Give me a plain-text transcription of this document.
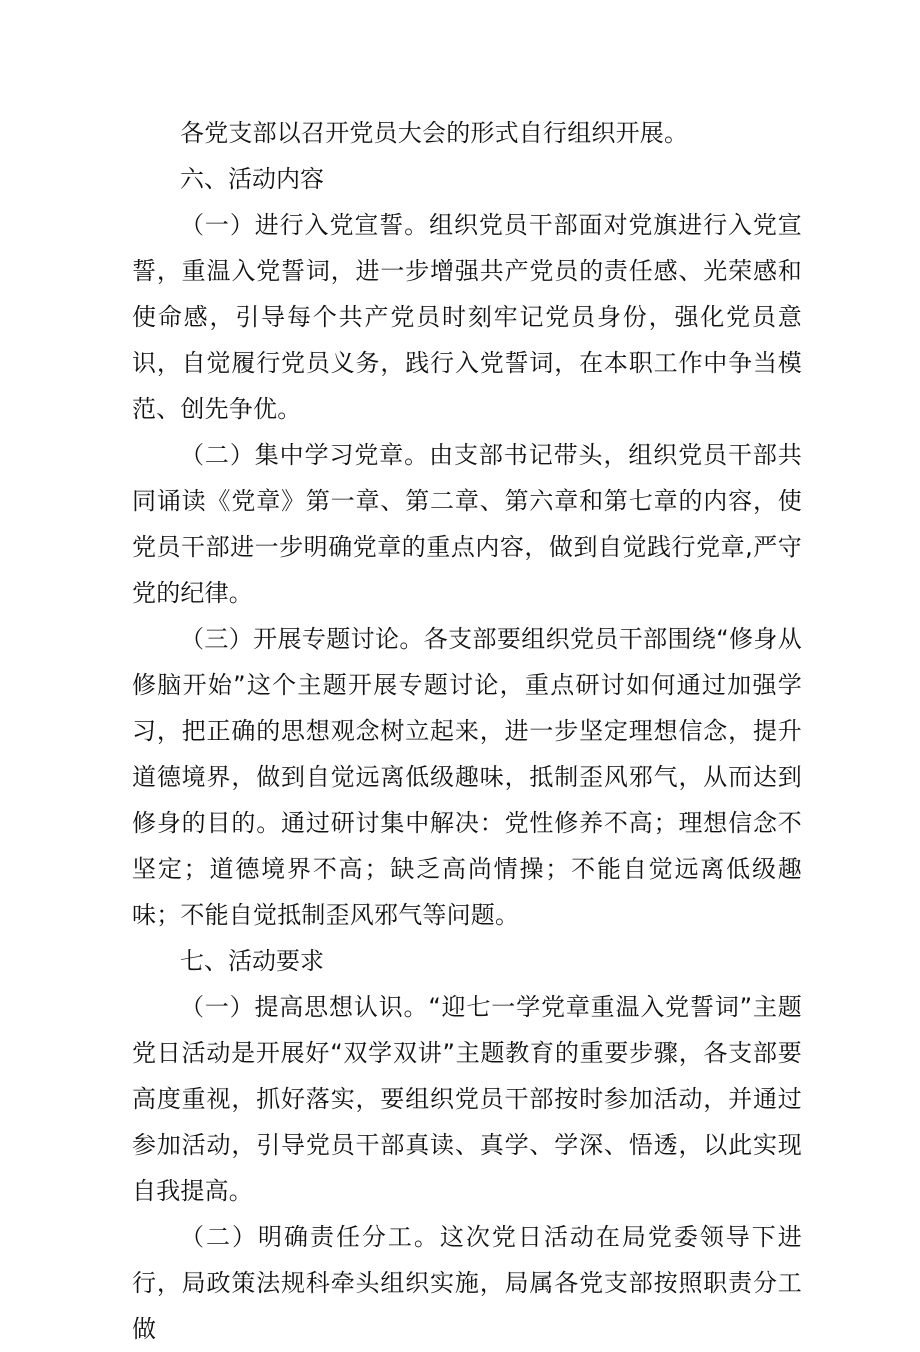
各党支部以召开党员大会的形式自行组织开展。

六、活动内容

（一）进行入党宣誓。组织党员干部面对党旗进行入党宣誓，重温入党誓词，进一步增强共产党员的责任感、光荣感和使命感，引导每个共产党员时刻牢记党员身份，强化党员意识，自觉履行党员义务，践行入党誓词，在本职工作中争当模范、创先争优。

（二）集中学习党章。由支部书记带头，组织党员干部共同诵读《党章》第一章、第二章、第六章和第七章的内容，使党员干部进一步明确党章的重点内容，做到自觉践行党章,严守党的纪律。

（三）开展专题讨论。各支部要组织党员干部围绕“修身从修脑开始”这个主题开展专题讨论，重点研讨如何通过加强学习，把正确的思想观念树立起来，进一步坚定理想信念，提升道德境界，做到自觉远离低级趣味，抵制歪风邪气，从而达到修身的目的。通过研讨集中解决：党性修养不高；理想信念不坚定；道德境界不高；缺乏高尚情操；不能自觉远离低级趣味；不能自觉抵制歪风邪气等问题。

七、活动要求

（一）提高思想认识。“迎七一学党章重温入党誓词”主题党日活动是开展好“双学双讲”主题教育的重要步骤，各支部要高度重视，抓好落实，要组织党员干部按时参加活动，并通过参加活动，引导党员干部真读、真学、学深、悟透，以此实现自我提高。

（二）明确责任分工。这次党日活动在局党委领导下进行，局政策法规科牵头组织实施，局属各党支部按照职责分工做
